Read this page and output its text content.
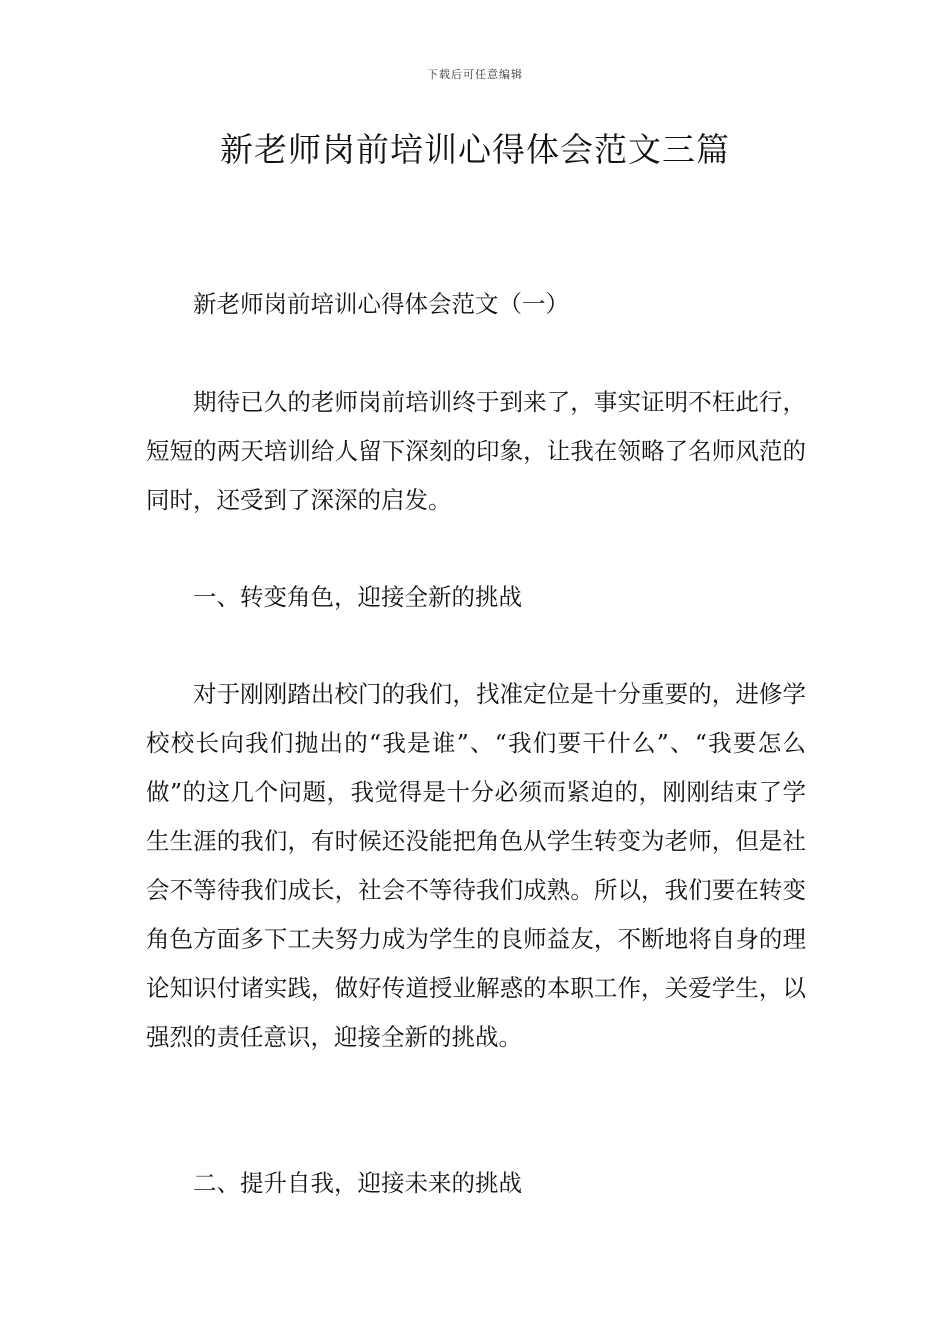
下载后可任意编辑
新老师岗前培训心得体会范文三篇

新老师岗前培训心得体会范文（一）

期待已久的老师岗前培训终于到来了，事实证明不枉此行，短短的两天培训给人留下深刻的印象，让我在领略了名师风范的同时，还受到了深深的启发。

一、转变角色，迎接全新的挑战

对于刚刚踏出校门的我们，找准定位是十分重要的，进修学校校长向我们抛出的“我是谁”、“我们要干什么”、“我要怎么做”的这几个问题，我觉得是十分必须而紧迫的，刚刚结束了学生生涯的我们，有时候还没能把角色从学生转变为老师，但是社会不等待我们成长，社会不等待我们成熟。所以，我们要在转变角色方面多下工夫努力成为学生的良师益友，不断地将自身的理论知识付诸实践，做好传道授业解惑的本职工作，关爱学生，以强烈的责任意识，迎接全新的挑战。

二、提升自我，迎接未来的挑战
